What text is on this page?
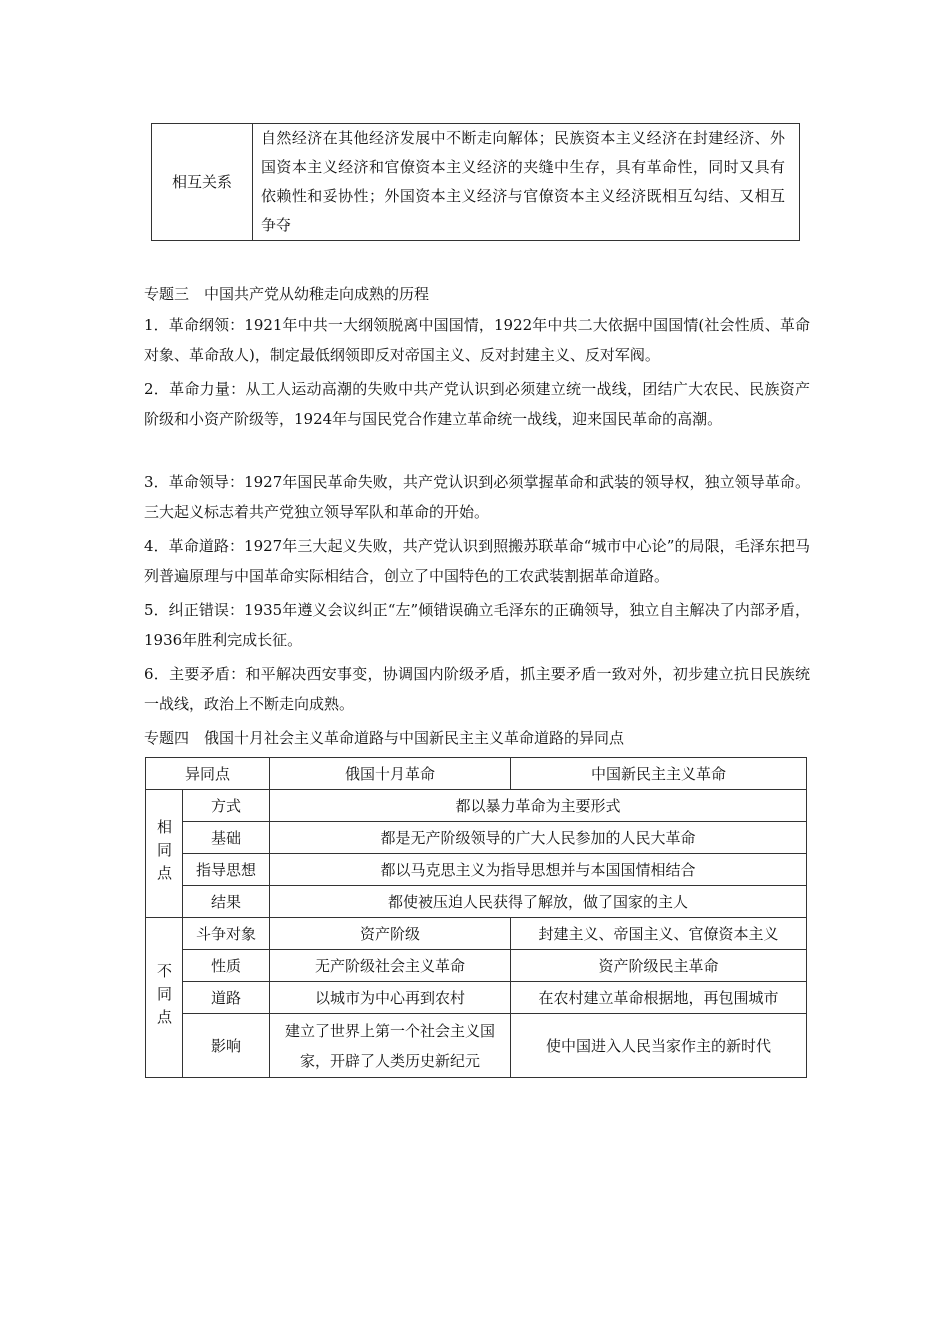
相互关系	自然经济在其他经济发展中不断走向解体；民族资本主义经济在封建经济、外国资本主义经济和官僚资本主义经济的夹缝中生存，具有革命性，同时又具有依赖性和妥协性；外国资本主义经济与官僚资本主义经济既相互勾结、又相互争夺
专题三　中国共产党从幼稚走向成熟的历程

1．革命纲领：1921年中共一大纲领脱离中国国情，1922年中共二大依据中国国情(社会性质、革命对象、革命敌人)，制定最低纲领即反对帝国主义、反对封建主义、反对军阀。

2．革命力量：从工人运动高潮的失败中共产党认识到必须建立统一战线，团结广大农民、民族资产阶级和小资产阶级等，1924年与国民党合作建立革命统一战线，迎来国民革命的高潮。

3．革命领导：1927年国民革命失败，共产党认识到必须掌握革命和武装的领导权，独立领导革命。三大起义标志着共产党独立领导军队和革命的开始。

4．革命道路：1927年三大起义失败，共产党认识到照搬苏联革命“城市中心论”的局限，毛泽东把马列普遍原理与中国革命实际相结合，创立了中国特色的工农武装割据革命道路。

5．纠正错误：1935年遵义会议纠正“左”倾错误确立毛泽东的正确领导，独立自主解决了内部矛盾，1936年胜利完成长征。

6．主要矛盾：和平解决西安事变，协调国内阶级矛盾，抓主要矛盾一致对外，初步建立抗日民族统一战线，政治上不断走向成熟。

专题四　俄国十月社会主义革命道路与中国新民主主义革命道路的异同点
异同点		俄国十月革命	中国新民主主义革命
相同点	方式	都以暴力革命为主要形式	
	基础	都是无产阶级领导的广大人民参加的人民大革命	
	指导思想	都以马克思主义为指导思想并与本国国情相结合	
	结果	都使被压迫人民获得了解放，做了国家的主人	
不同点	斗争对象	资产阶级	封建主义、帝国主义、官僚资本主义
	性质	无产阶级社会主义革命	资产阶级民主革命
	道路	以城市为中心再到农村	在农村建立革命根据地，再包围城市
	影响	建立了世界上第一个社会主义国家，开辟了人类历史新纪元	使中国进入人民当家作主的新时代
